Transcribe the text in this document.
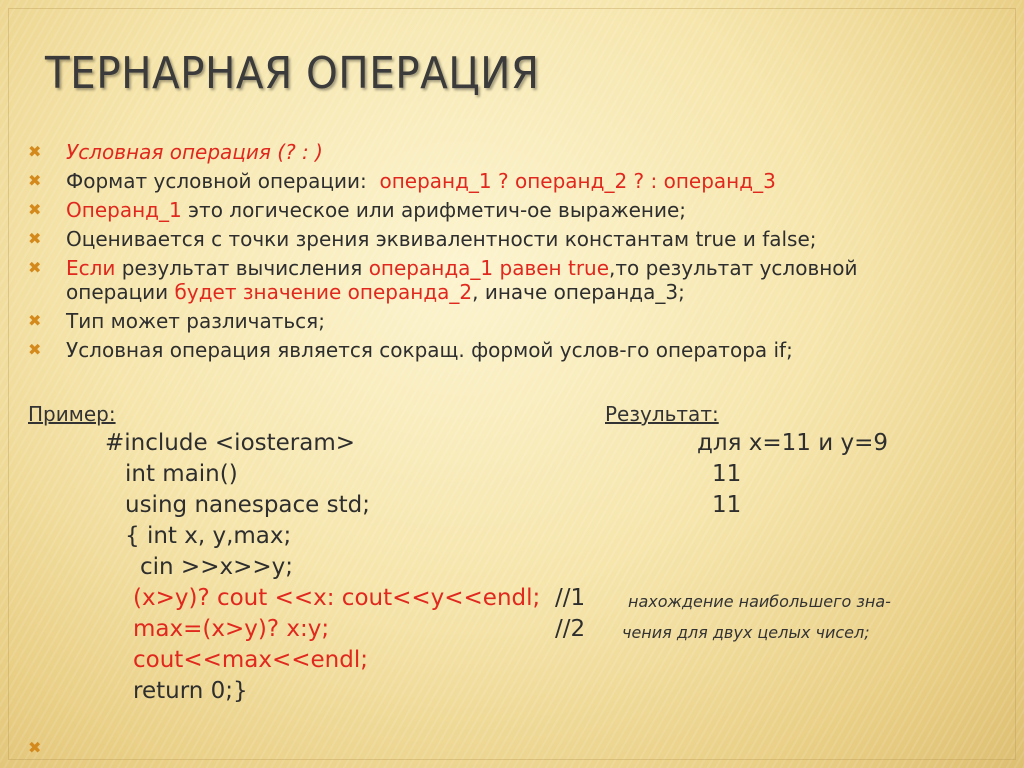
ТЕРНАРНАЯ ОПЕРАЦИЯ
✖ Условная операция (? : )
✖ Формат условной операции: операнд_1 ? операнд_2 ? : операнд_3
✖ Операнд_1 это логическое или арифметич-ое выражение;
✖ Оценивается с точки зрения эквивалентности константам true и false;
✖ Если результат вычисления операнда_1 равен true,то результат условной операции будет значение операнда_2, иначе операнда_3;
✖ Тип может различаться;
✖ Условная операция является сокращ. формой услов-го оператора if;
Пример:	Результат:
#include <iosteram>
int main()
using nanespace std;
{ int x, y,max;
cin >>x>>y;
(x>y)? cout <<x: cout<<y<<endl;
max=(x>y)? x:y;
cout<<max<<endl;
return 0;}
//1
//2
нахождение наибольшего зна-
чения для двух целых чисел;
для х=11 и у=9
11
11
✖
